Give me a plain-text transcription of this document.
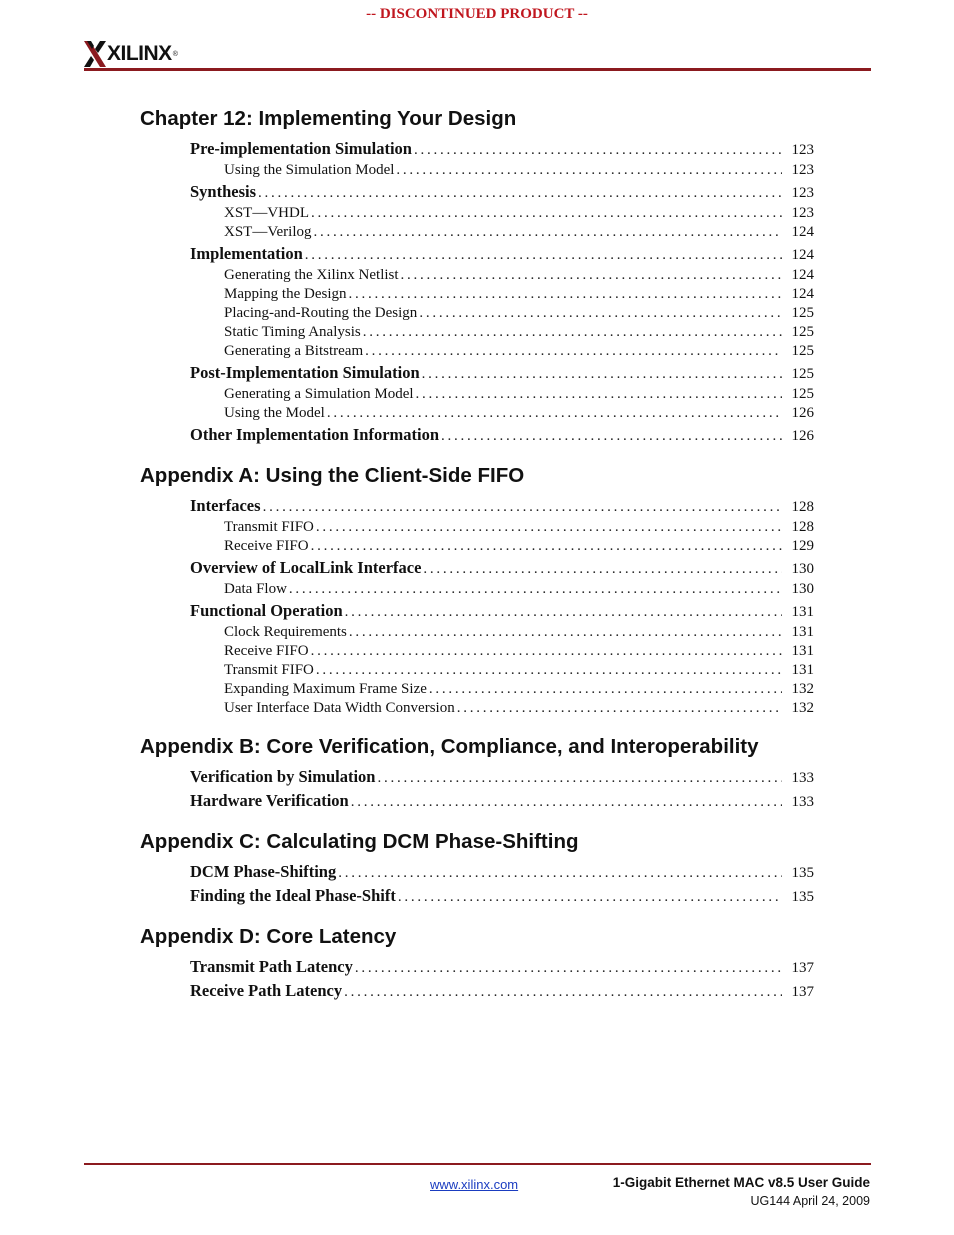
-- DISCONTINUED PRODUCT --
XILINX ®
Chapter 12: Implementing Your Design
Pre-implementation Simulation . . .	123
Using the Simulation Model . . .	123
Synthesis . . .	123
XST—VHDL . . .	123
XST—Verilog . . .	124
Implementation . . .	124
Generating the Xilinx Netlist . . .	124
Mapping the Design . . .	124
Placing-and-Routing the Design . . .	125
Static Timing Analysis . . .	125
Generating a Bitstream . . .	125
Post-Implementation Simulation . . .	125
Generating a Simulation Model . . .	125
Using the Model . . .	126
Other Implementation Information . . .	126
Appendix A: Using the Client-Side FIFO
Interfaces . . .	128
Transmit FIFO . . .	128
Receive FIFO . . .	129
Overview of LocalLink Interface . . .	130
Data Flow . . .	130
Functional Operation . . .	131
Clock Requirements . . .	131
Receive FIFO . . .	131
Transmit FIFO . . .	131
Expanding Maximum Frame Size . . .	132
User Interface Data Width Conversion . . .	132
Appendix B: Core Verification, Compliance, and Interoperability
Verification by Simulation . . .	133
Hardware Verification . . .	133
Appendix C: Calculating DCM Phase-Shifting
DCM Phase-Shifting . . .	135
Finding the Ideal Phase-Shift . . .	135
Appendix D: Core Latency
Transmit Path Latency . . .	137
Receive Path Latency . . .	137
www.xilinx.com	1-Gigabit Ethernet MAC v8.5 User Guide
UG144 April 24, 2009
